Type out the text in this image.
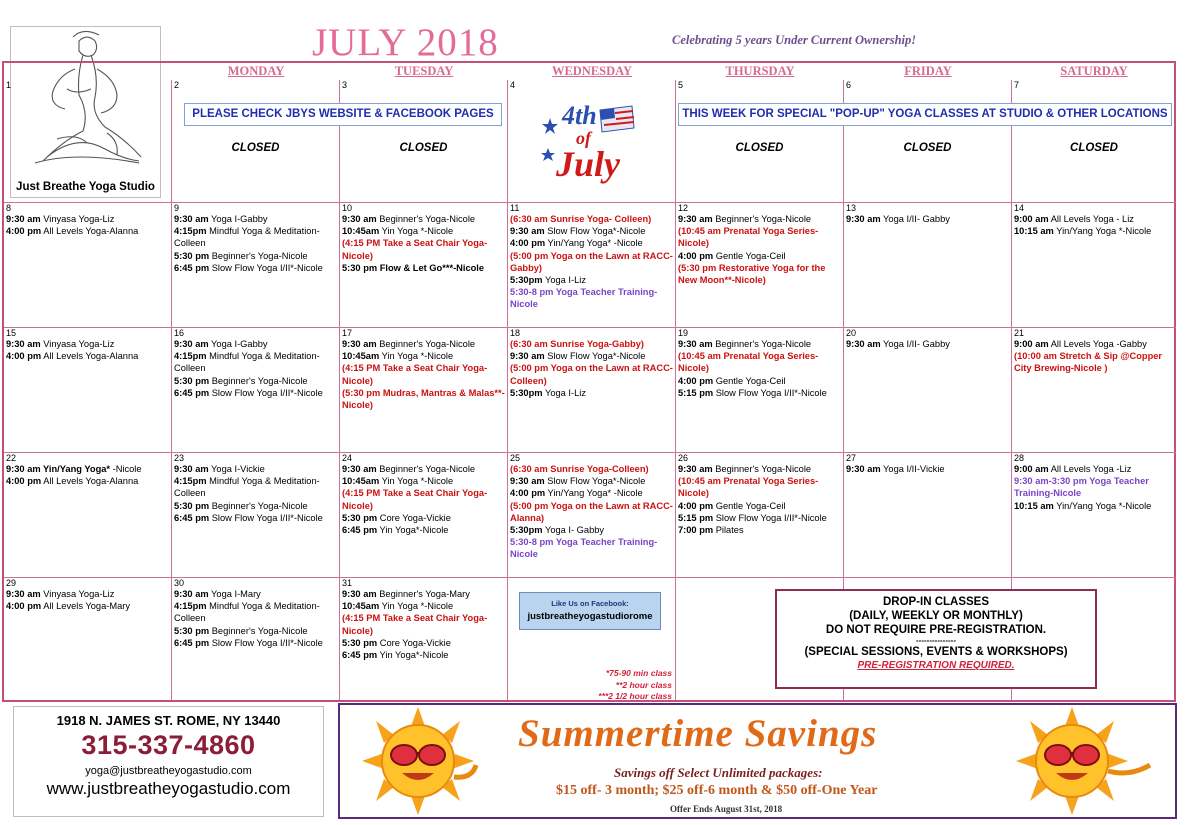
Just Breathe Yoga Studio
JULY 2018	Celebrating 5 years Under Current Ownership!
MONDAY	TUESDAY	WEDNESDAY	THURSDAY	FRIDAY	SATURDAY
1	2
CLOSED
3
CLOSED
4
4th
of
July
5
CLOSED
6
CLOSED
7
CLOSED
PLEASE CHECK JBYS WEBSITE & FACEBOOK PAGES	THIS WEEK FOR SPECIAL "POP-UP" YOGA CLASSES AT STUDIO & OTHER LOCATIONS
8
9:30 am Vinyasa Yoga-Liz
4:00 pm All Levels Yoga-Alanna
9
9:30 am Yoga I-Gabby
4:15pm Mindful Yoga & Meditation-Colleen
5:30 pm Beginner's Yoga-Nicole
6:45 pm Slow Flow Yoga I/II*-Nicole
10
9:30 am Beginner's Yoga-Nicole
10:45am Yin Yoga *-Nicole
(4:15 PM Take a Seat Chair Yoga-Nicole)
5:30 pm Flow & Let Go***-Nicole
11
(6:30 am Sunrise Yoga- Colleen)
9:30 am Slow Flow Yoga*-Nicole
4:00 pm Yin/Yang Yoga* -Nicole
(5:00 pm Yoga on the Lawn at RACC-Gabby)
5:30pm Yoga I-Liz
5:30-8 pm Yoga Teacher Training-Nicole
12
9:30 am Beginner's Yoga-Nicole
(10:45 am Prenatal Yoga Series-Nicole)
4:00 pm Gentle Yoga-Ceil
(5:30 pm Restorative Yoga for the New Moon**-Nicole)
13
9:30 am Yoga I/II- Gabby
14
9:00 am All Levels Yoga - Liz
10:15 am Yin/Yang Yoga *-Nicole
15
9:30 am Vinyasa Yoga-Liz
4:00 pm All Levels Yoga-Alanna
16
9:30 am Yoga I-Gabby
4:15pm Mindful Yoga & Meditation-Colleen
5:30 pm Beginner's Yoga-Nicole
6:45 pm Slow Flow Yoga I/II*-Nicole
17
9:30 am Beginner's Yoga-Nicole
10:45am Yin Yoga *-Nicole
(4:15 PM Take a Seat Chair Yoga-Nicole)
(5:30 pm Mudras, Mantras & Malas**-Nicole)
18
(6:30 am Sunrise Yoga-Gabby)
9:30 am Slow Flow Yoga*-Nicole
(5:00 pm Yoga on the Lawn at RACC-Colleen)
5:30pm Yoga I-Liz
19
9:30 am Beginner's Yoga-Nicole
(10:45 am Prenatal Yoga Series-Nicole)
4:00 pm Gentle Yoga-Ceil
5:15 pm Slow Flow Yoga I/II*-Nicole
20
9:30 am Yoga I/II- Gabby
21
9:00 am All Levels Yoga -Gabby
(10:00 am Stretch & Sip @Copper City Brewing-Nicole )
22
9:30 am Yin/Yang Yoga* -Nicole
4:00 pm All Levels Yoga-Alanna
23
9:30 am Yoga I-Vickie
4:15pm Mindful Yoga & Meditation-Colleen
5:30 pm Beginner's Yoga-Nicole
6:45 pm Slow Flow Yoga I/II*-Nicole
24
9:30 am Beginner's Yoga-Nicole
10:45am Yin Yoga *-Nicole
(4:15 PM Take a Seat Chair Yoga-Nicole)
5:30 pm Core Yoga-Vickie
6:45 pm Yin Yoga*-Nicole
25
(6:30 am Sunrise Yoga-Colleen)
9:30 am Slow Flow Yoga*-Nicole
4:00 pm Yin/Yang Yoga* -Nicole
(5:00 pm Yoga on the Lawn at RACC-Alanna)
5:30pm Yoga I- Gabby
5:30-8 pm Yoga Teacher Training-Nicole
26
9:30 am Beginner's Yoga-Nicole
(10:45 am Prenatal Yoga Series-Nicole)
4:00 pm Gentle Yoga-Ceil
5:15 pm Slow Flow Yoga I/II*-Nicole
7:00 pm Pilates
27
9:30 am Yoga I/II-Vickie
28
9:00 am All Levels Yoga -Liz
9:30 am-3:30 pm Yoga Teacher Training-Nicole
10:15 am Yin/Yang Yoga *-Nicole
29
9:30 am Vinyasa Yoga-Liz
4:00 pm All Levels Yoga-Mary
30
9:30 am Yoga I-Mary
4:15pm Mindful Yoga & Meditation-Colleen
5:30 pm Beginner's Yoga-Nicole
6:45 pm Slow Flow Yoga I/II*-Nicole
31
9:30 am Beginner's Yoga-Mary
10:45am Yin Yoga *-Nicole
(4:15 PM Take a Seat Chair Yoga-Nicole)
5:30 pm Core Yoga-Vickie
6:45 pm Yin Yoga*-Nicole
Like Us on Facebook:
justbreatheyogastudiorome
*75-90 min class
**2 hour class
***2 1/2 hour class
DROP-IN CLASSES
(DAILY, WEEKLY OR MONTHLY)
DO NOT REQUIRE PRE-REGISTRATION.
---------------
(SPECIAL SESSIONS, EVENTS & WORKSHOPS)
PRE-REGISTRATION REQUIRED.
1918 N. JAMES ST. ROME, NY 13440
315-337-4860
yoga@justbreatheyogastudio.com
www.justbreatheyogastudio.com
Summertime Savings
Savings off Select Unlimited packages:
$15 off- 3 month; $25 off-6 month & $50 off-One Year
Offer Ends August 31st, 2018
